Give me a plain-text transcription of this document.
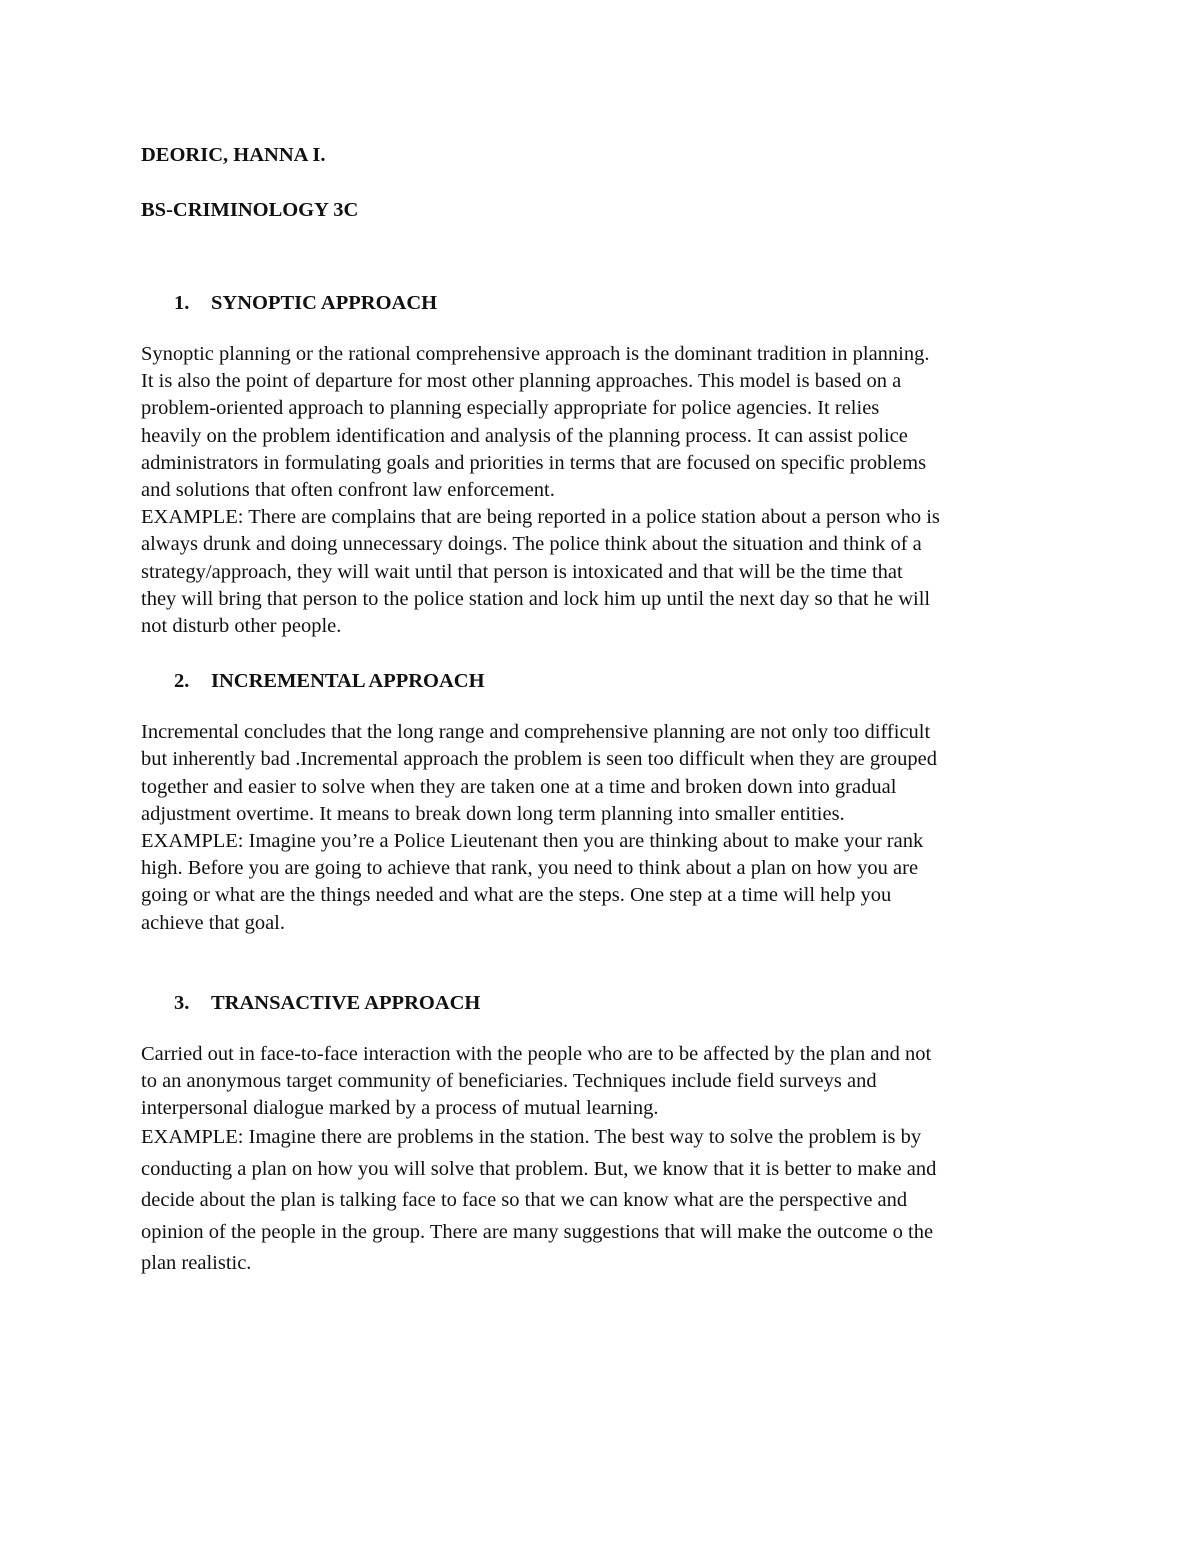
DEORIC, HANNA I.
BS-CRIMINOLOGY 3C
1. SYNOPTIC APPROACH
Synoptic planning or the rational comprehensive approach is the dominant tradition in planning.
It is also the point of departure for most other planning approaches. This model is based on a
problem-oriented approach to planning especially appropriate for police agencies. It relies
heavily on the problem identification and analysis of the planning process. It can assist police
administrators in formulating goals and priorities in terms that are focused on specific problems
and solutions that often confront law enforcement.
EXAMPLE: There are complains that are being reported in a police station about a person who is
always drunk and doing unnecessary doings. The police think about the situation and think of a
strategy/approach, they will wait until that person is intoxicated and that will be the time that
they will bring that person to the police station and lock him up until the next day so that he will
not disturb other people.
2. INCREMENTAL APPROACH
Incremental concludes that the long range and comprehensive planning are not only too difficult
but inherently bad .Incremental approach the problem is seen too difficult when they are grouped
together and easier to solve when they are taken one at a time and broken down into gradual
adjustment overtime. It means to break down long term planning into smaller entities.
EXAMPLE: Imagine you’re a Police Lieutenant then you are thinking about to make your rank
high. Before you are going to achieve that rank, you need to think about a plan on how you are
going or what are the things needed and what are the steps. One step at a time will help you
achieve that goal.
3. TRANSACTIVE APPROACH
Carried out in face-to-face interaction with the people who are to be affected by the plan and not
to an anonymous target community of beneficiaries. Techniques include field surveys and
interpersonal dialogue marked by a process of mutual learning.
EXAMPLE: Imagine there are problems in the station. The best way to solve the problem is by
conducting a plan on how you will solve that problem. But, we know that it is better to make and
decide about the plan is talking face to face so that we can know what are the perspective and
opinion of the people in the group. There are many suggestions that will make the outcome o the
plan realistic.
